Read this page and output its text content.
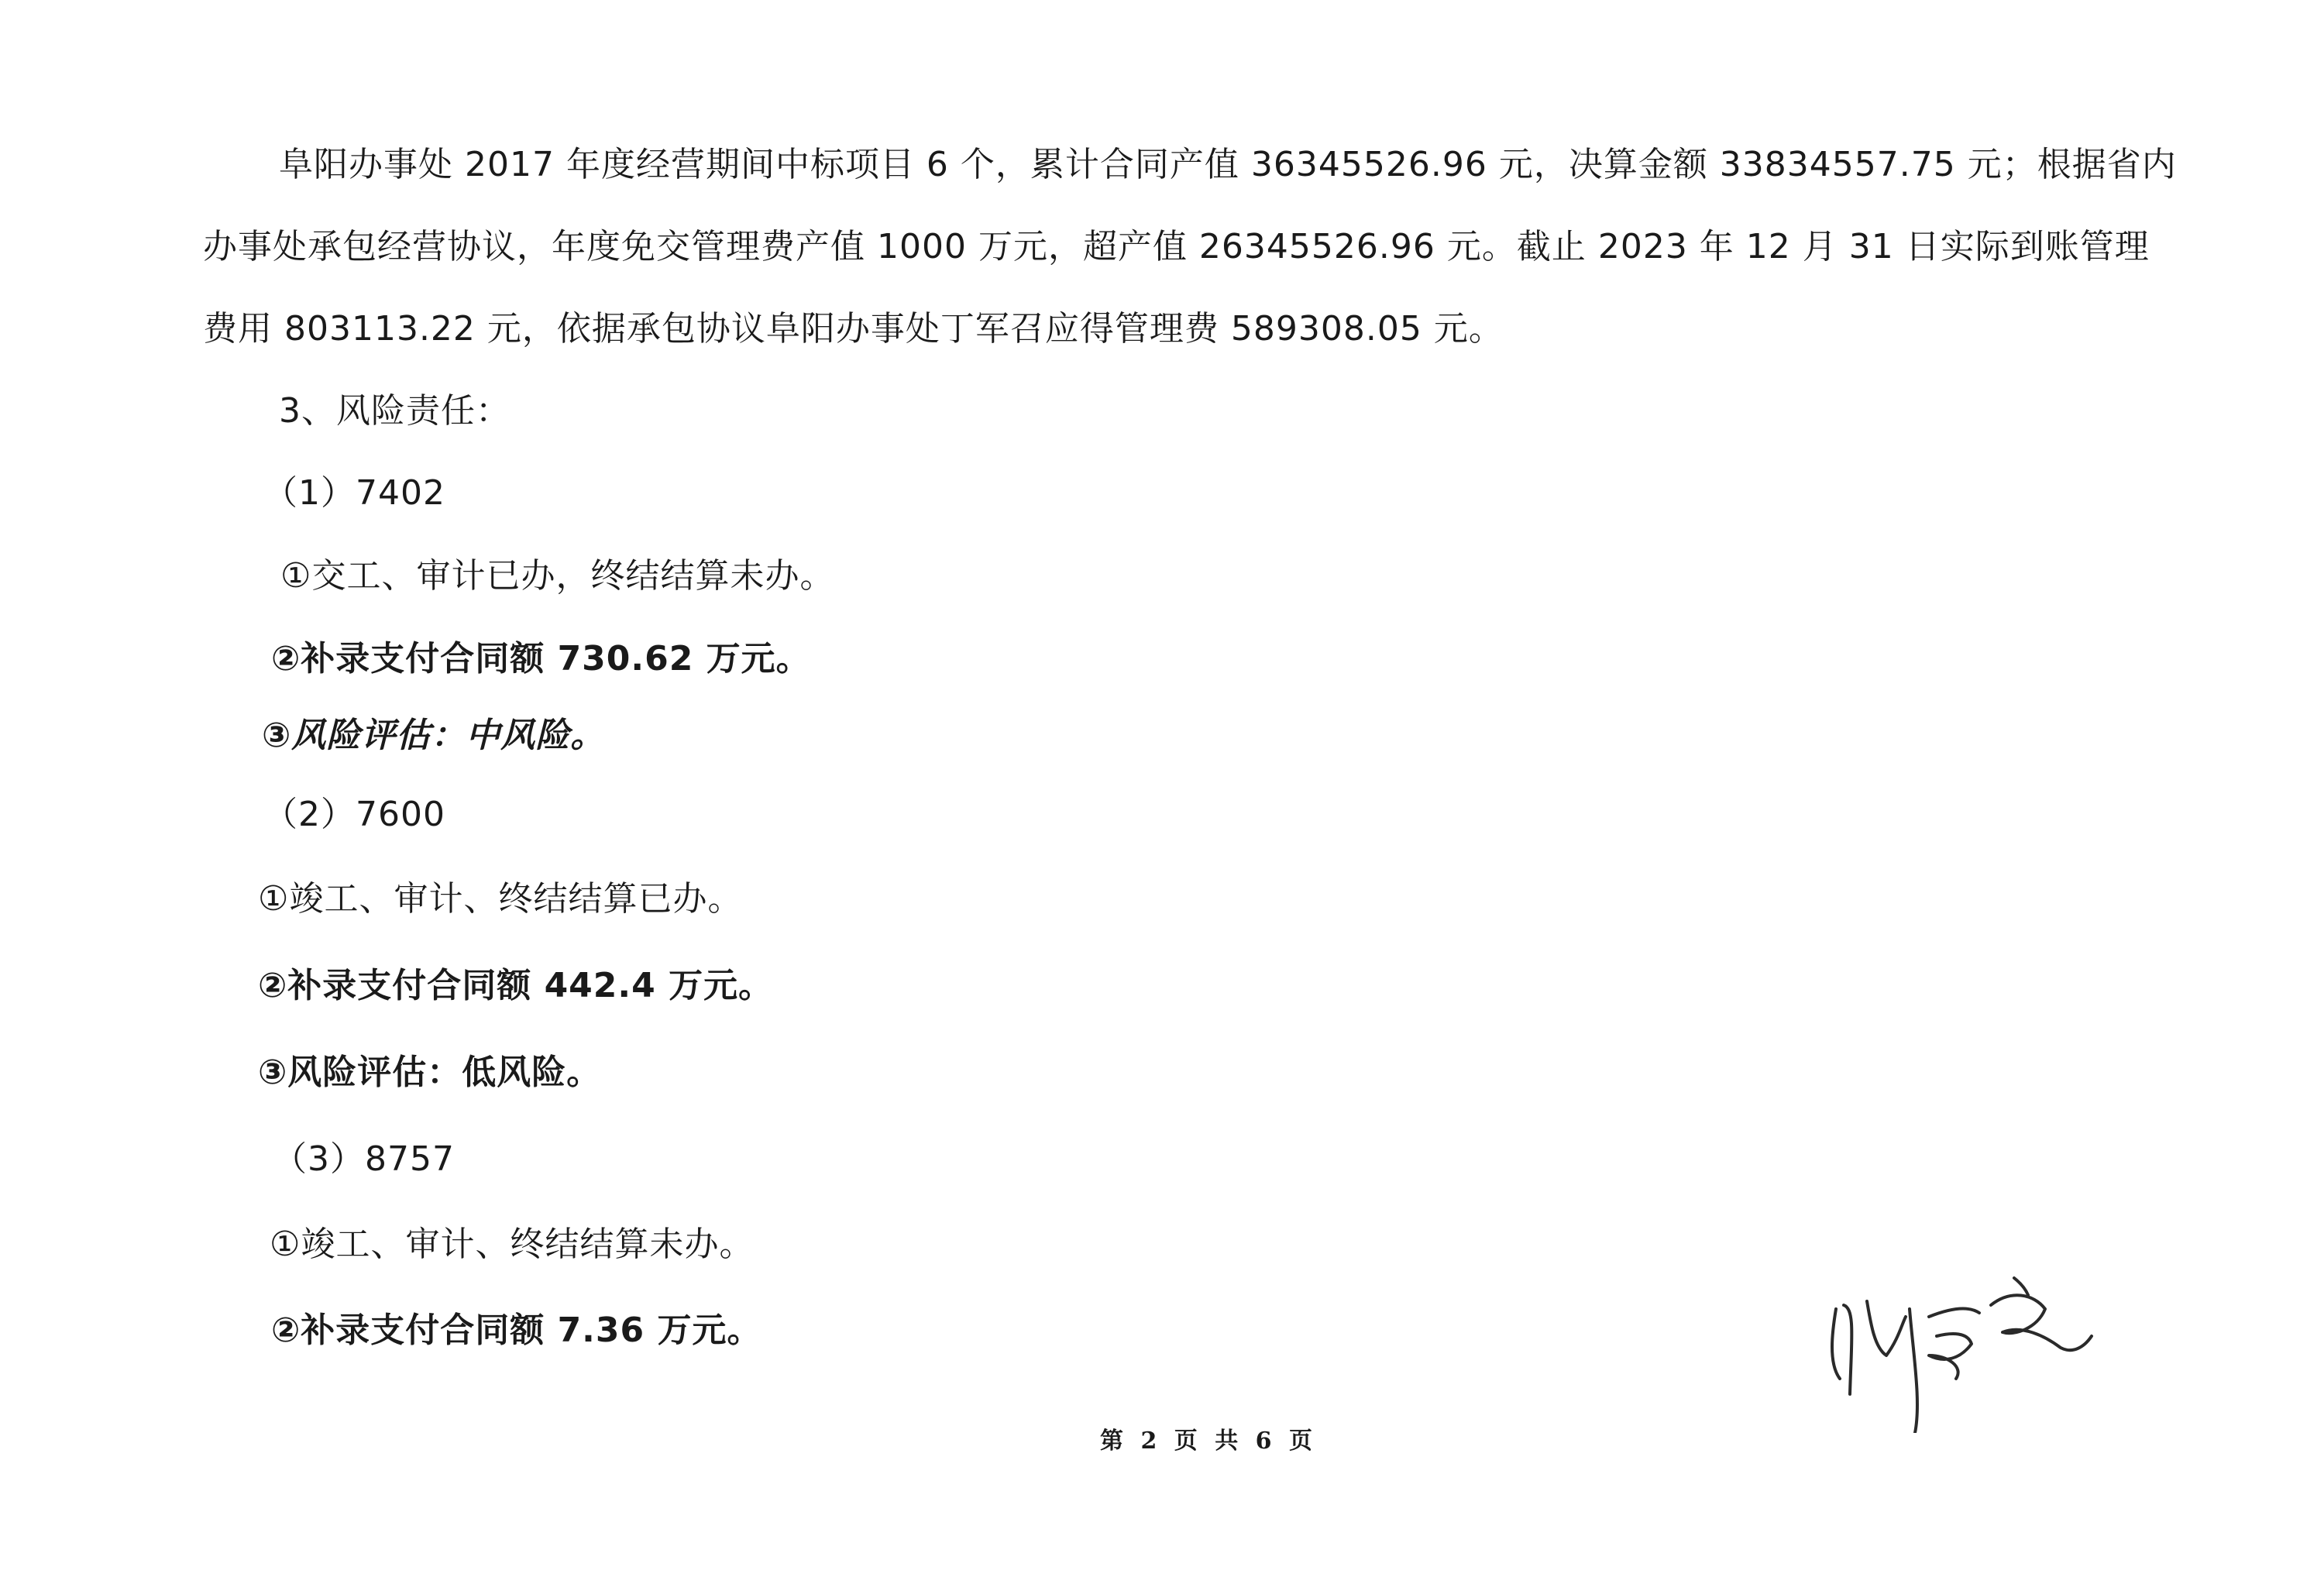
阜阳办事处 2017 年度经营期间中标项目 6 个，累计合同产值 36345526.96 元，决算金额 33834557.75 元；根据省内
办事处承包经营协议，年度免交管理费产值 1000 万元，超产值 26345526.96 元。截止 2023 年 12 月 31 日实际到账管理
费用 803113.22 元，依据承包协议阜阳办事处丁军召应得管理费 589308.05 元。
3、风险责任：
（1）7402
①交工、审计已办，终结结算未办。
②补录支付合同额 730.62 万元。
③风险评估：中风险。
（2）7600
①竣工、审计、终结结算已办。
②补录支付合同额 442.4 万元。
③风险评估：低风险。
（3）8757
①竣工、审计、终结结算未办。
②补录支付合同额 7.36 万元。
第 2 页 共 6 页
